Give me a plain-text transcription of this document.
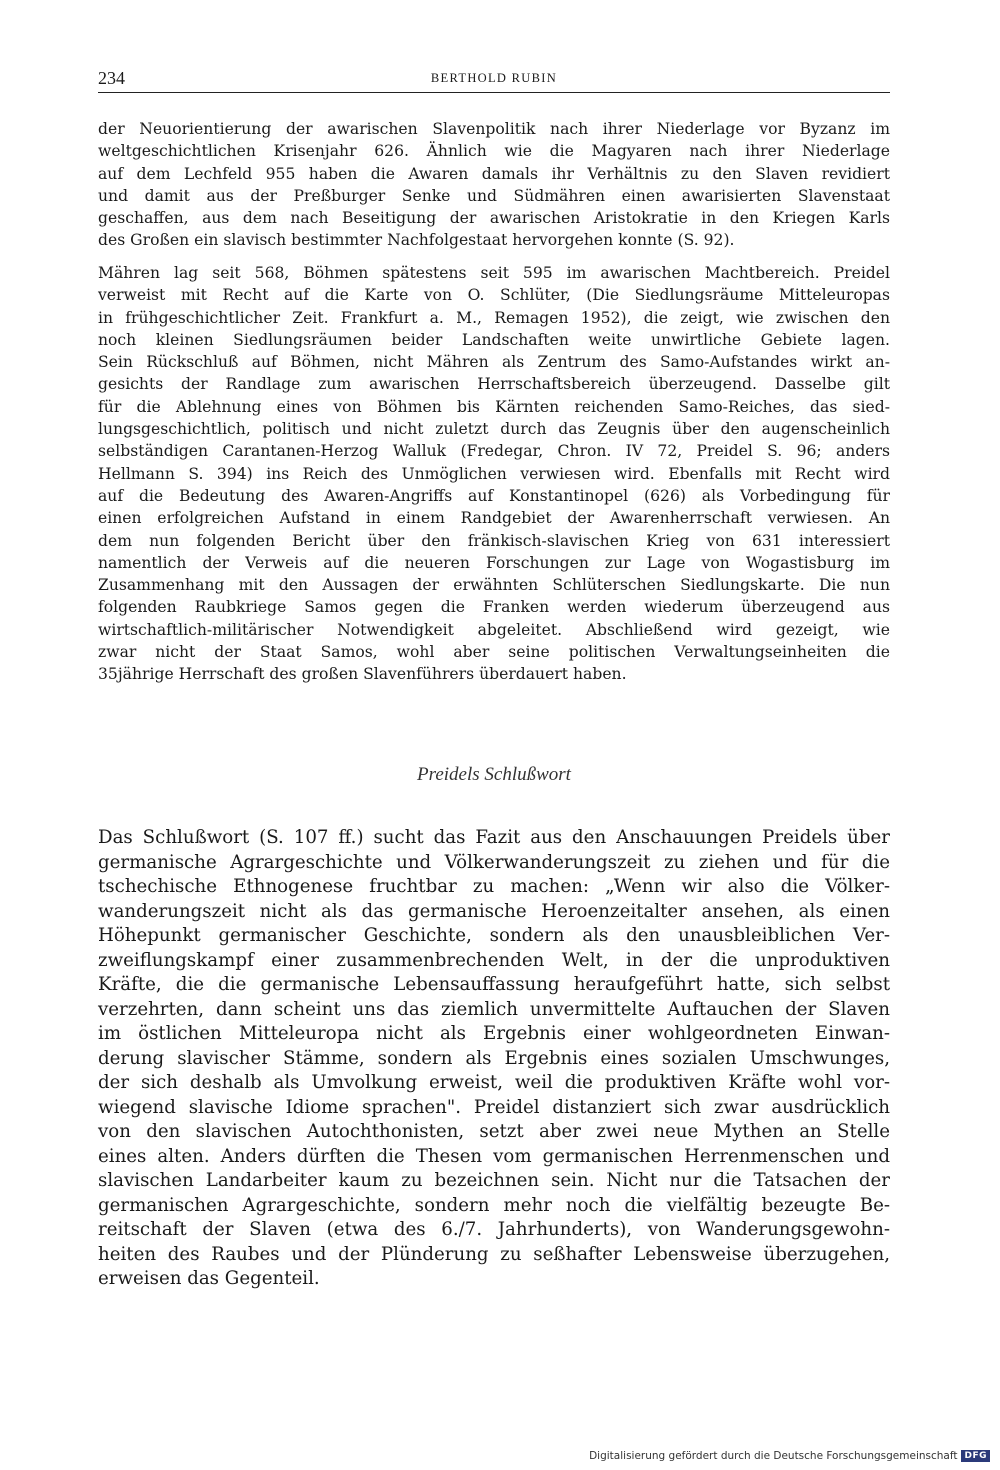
234	BERTHOLD RUBIN

der Neuorientierung der awarischen Slavenpolitik nach ihrer Niederlage vor Byzanz im
weltgeschichtlichen Krisenjahr 626. Ähnlich wie die Magyaren nach ihrer Niederlage
auf dem Lechfeld 955 haben die Awaren damals ihr Verhältnis zu den Slaven revidiert
und damit aus der Preßburger Senke und Südmähren einen awarisierten Slavenstaat
geschaffen, aus dem nach Beseitigung der awarischen Aristokratie in den Kriegen Karls
des Großen ein slavisch bestimmter Nachfolgestaat hervorgehen konnte (S. 92).

Mähren lag seit 568, Böhmen spätestens seit 595 im awarischen Machtbereich. Preidel
verweist mit Recht auf die Karte von O. Schlüter, (Die Siedlungsräume Mitteleuropas
in frühgeschichtlicher Zeit. Frankfurt a. M., Remagen 1952), die zeigt, wie zwischen den
noch kleinen Siedlungsräumen beider Landschaften weite unwirtliche Gebiete lagen.
Sein Rückschluß auf Böhmen, nicht Mähren als Zentrum des Samo-Aufstandes wirkt an-
gesichts der Randlage zum awarischen Herrschaftsbereich überzeugend. Dasselbe gilt
für die Ablehnung eines von Böhmen bis Kärnten reichenden Samo-Reiches, das sied-
lungsgeschichtlich, politisch und nicht zuletzt durch das Zeugnis über den augenscheinlich
selbständigen Carantanen-Herzog Walluk (Fredegar, Chron. IV 72, Preidel S. 96; anders
Hellmann S. 394) ins Reich des Unmöglichen verwiesen wird. Ebenfalls mit Recht wird
auf die Bedeutung des Awaren-Angriffs auf Konstantinopel (626) als Vorbedingung für
einen erfolgreichen Aufstand in einem Randgebiet der Awarenherrschaft verwiesen. An
dem nun folgenden Bericht über den fränkisch-slavischen Krieg von 631 interessiert
namentlich der Verweis auf die neueren Forschungen zur Lage von Wogastisburg im
Zusammenhang mit den Aussagen der erwähnten Schlüterschen Siedlungskarte. Die nun
folgenden Raubkriege Samos gegen die Franken werden wiederum überzeugend aus
wirtschaftlich-militärischer Notwendigkeit abgeleitet. Abschließend wird gezeigt, wie
zwar nicht der Staat Samos, wohl aber seine politischen Verwaltungseinheiten die
35jährige Herrschaft des großen Slavenführers überdauert haben.

Preidels Schlußwort

Das Schlußwort (S. 107 ff.) sucht das Fazit aus den Anschauungen Preidels über
germanische Agrargeschichte und Völkerwanderungszeit zu ziehen und für die
tschechische Ethnogenese fruchtbar zu machen: „Wenn wir also die Völker-
wanderungszeit nicht als das germanische Heroenzeitalter ansehen, als einen
Höhepunkt germanischer Geschichte, sondern als den unausbleiblichen Ver-
zweiflungskampf einer zusammenbrechenden Welt, in der die unproduktiven
Kräfte, die die germanische Lebensauffassung heraufgeführt hatte, sich selbst
verzehrten, dann scheint uns das ziemlich unvermittelte Auftauchen der Slaven
im östlichen Mitteleuropa nicht als Ergebnis einer wohlgeordneten Einwan-
derung slavischer Stämme, sondern als Ergebnis eines sozialen Umschwunges,
der sich deshalb als Umvolkung erweist, weil die produktiven Kräfte wohl vor-
wiegend slavische Idiome sprachen". Preidel distanziert sich zwar ausdrücklich
von den slavischen Autochthonisten, setzt aber zwei neue Mythen an Stelle
eines alten. Anders dürften die Thesen vom germanischen Herrenmenschen und
slavischen Landarbeiter kaum zu bezeichnen sein. Nicht nur die Tatsachen der
germanischen Agrargeschichte, sondern mehr noch die vielfältig bezeugte Be-
reitschaft der Slaven (etwa des 6./7. Jahrhunderts), von Wanderungsgewohn-
heiten des Raubes und der Plünderung zu seßhafter Lebensweise überzugehen,
erweisen das Gegenteil.

Digitalisierung gefördert durch die Deutsche Forschungsgemeinschaft DFG
